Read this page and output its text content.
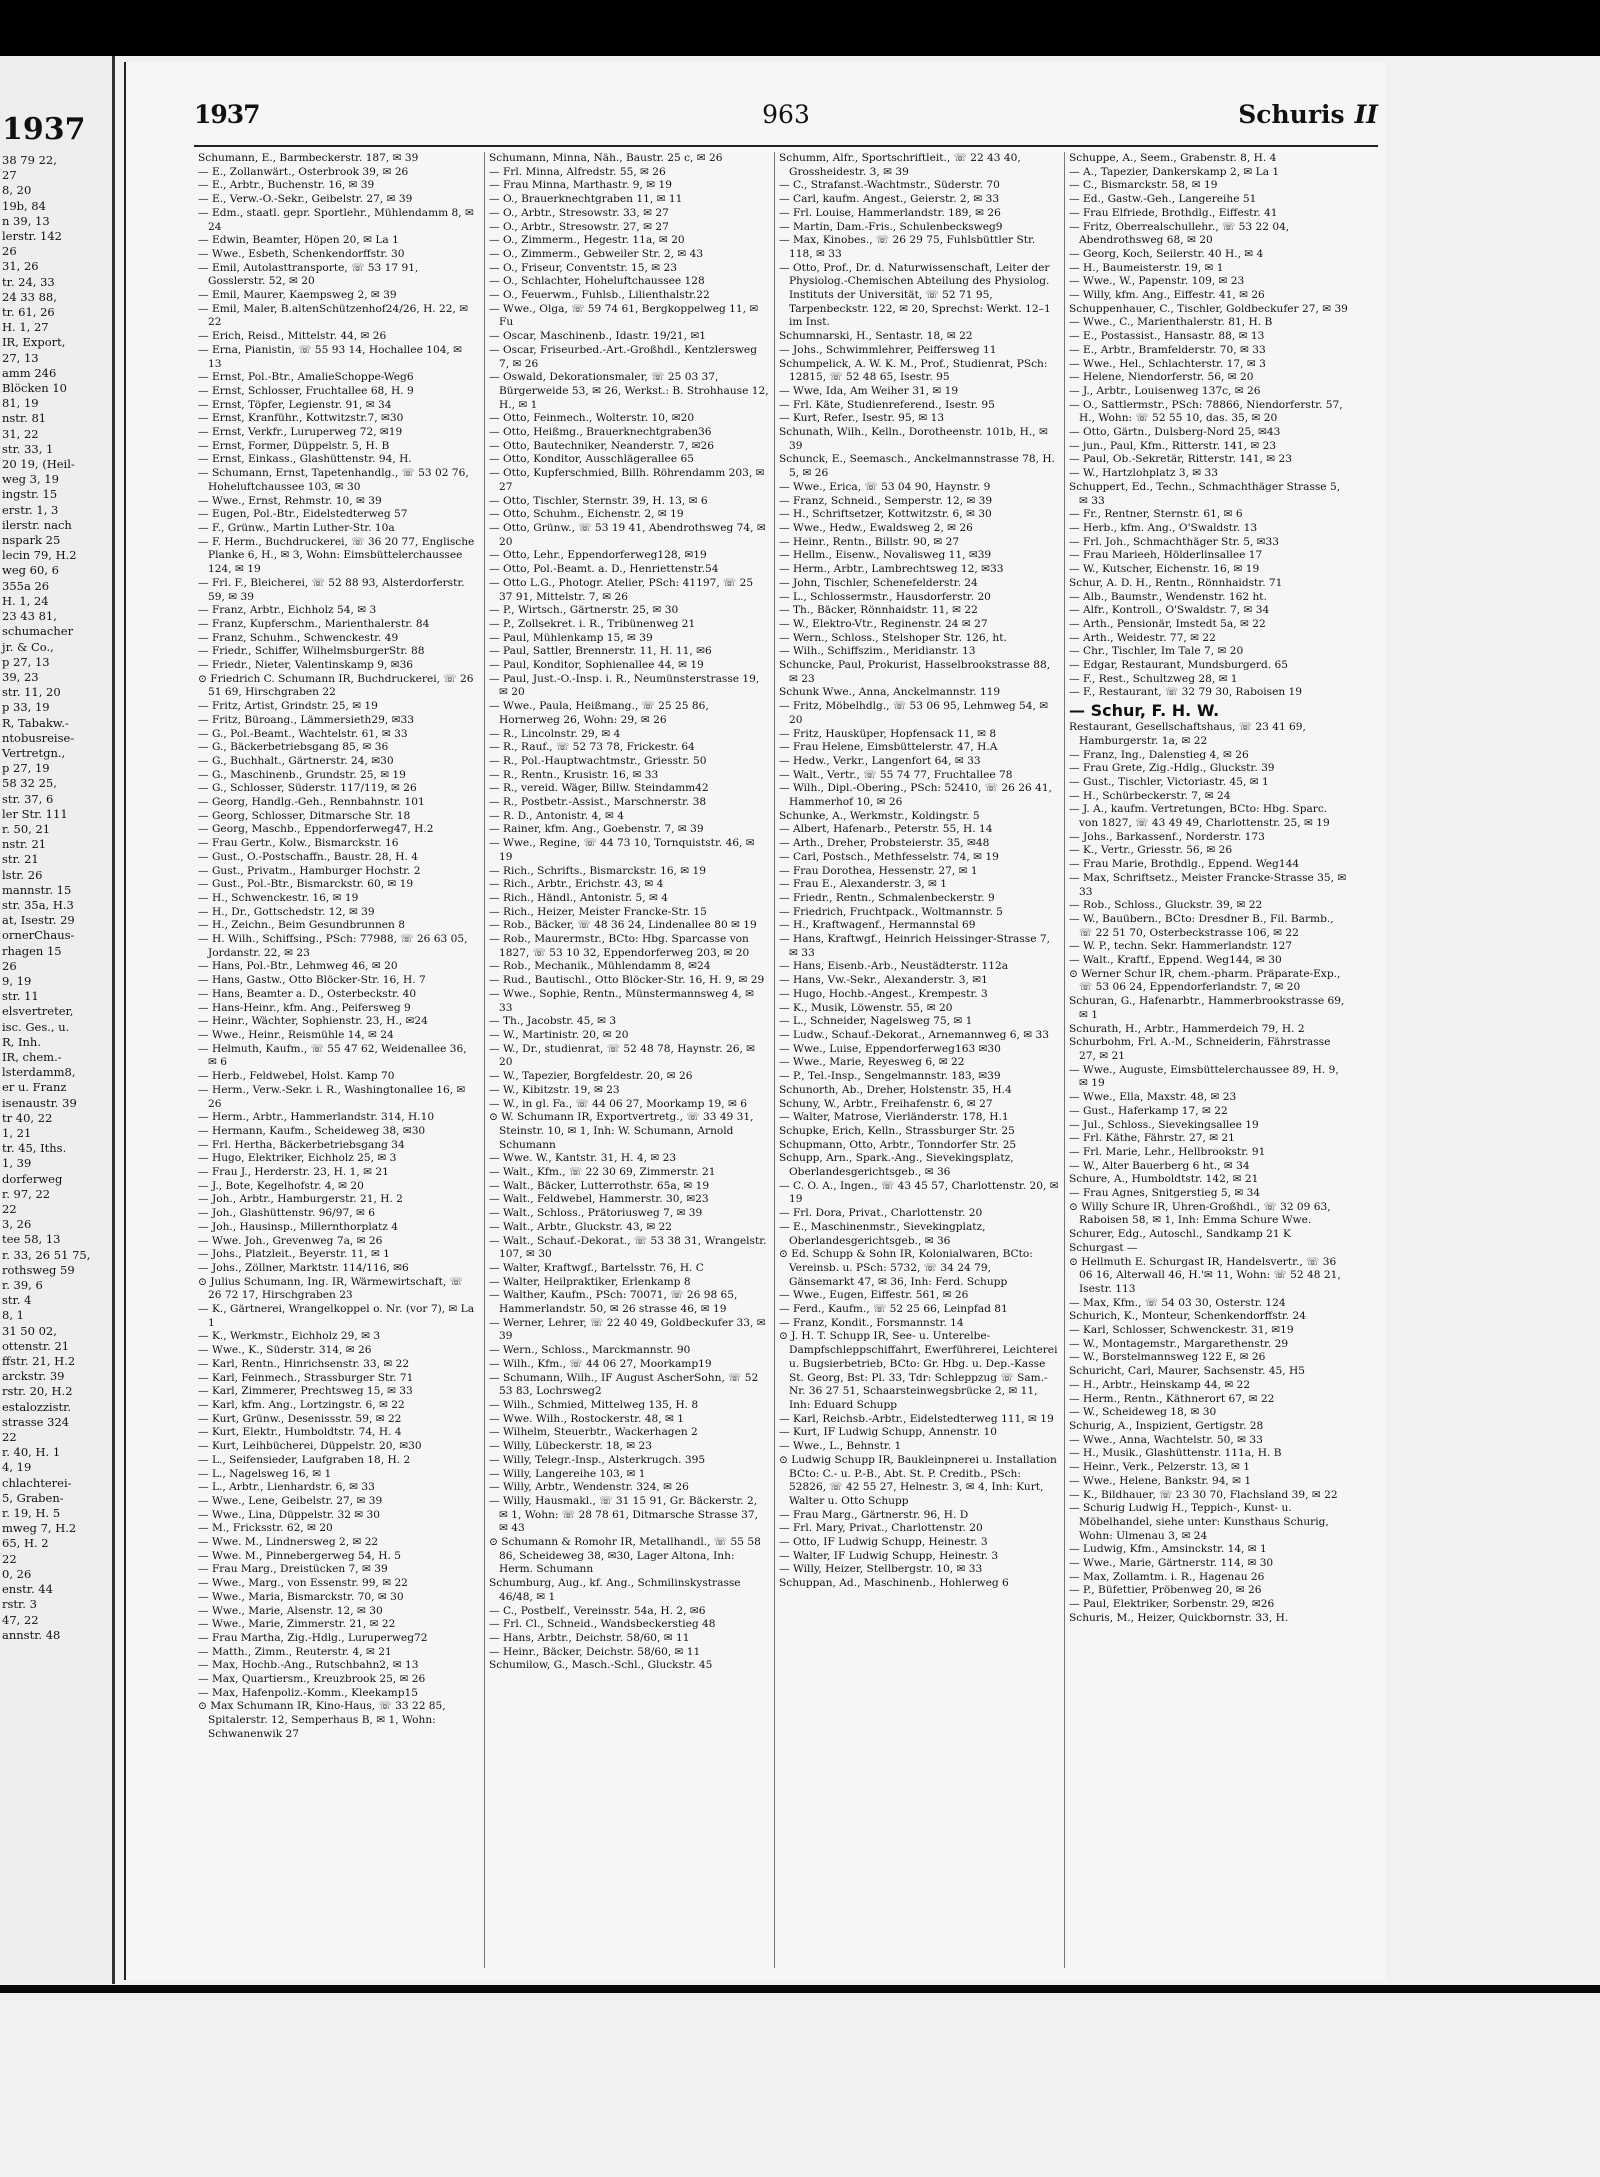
1937
38 79 22,
27
8, 20
19b, 84
n 39, 13
lerstr. 142
26
31, 26
tr. 24, 33
24 33 88,
tr. 61, 26
H. 1, 27
IR, Export,
27, 13
amm 246
Blöcken 10
81, 19
nstr. 81
31, 22
str. 33, 1
20 19, (Heil-
weg 3, 19
ingstr. 15
erstr. 1, 3
ilerstr. nach
nspark 25
lecin 79, H.2
weg 60, 6
355a 26
H. 1, 24
23 43 81,
schumacher
jr. & Co.,
p 27, 13
39, 23
str. 11, 20
p 33, 19
R, Tabakw.-
ntobusreise-
Vertretgn.,
p 27, 19
58 32 25,
str. 37, 6
ler Str. 111
r. 50, 21
nstr. 21
str. 21
lstr. 26
mannstr. 15
str. 35a, H.3
at, Isestr. 29
ornerChaus-
rhagen 15
26
9, 19
str. 11
elsvertreter,
isc. Ges., u.
R, Inh.
IR, chem.-
lsterdamm8,
er u. Franz
isenaustr. 39
tr 40, 22
1, 21
tr. 45, Iths.
1, 39
dorferweg
r. 97, 22
22
3, 26
tee 58, 13
r. 33, 26 51 75,
rothsweg 59
r. 39, 6
str. 4
8, 1
31 50 02,
ottenstr. 21
ffstr. 21, H.2
arckstr. 39
rstr. 20, H.2
estalozzistr.
strasse 324
22
r. 40, H. 1
4, 19
chlachterei-
5, Graben-
r. 19, H. 5
mweg 7, H.2
65, H. 2
22
0, 26
enstr. 44
rstr. 3
47, 22
annstr. 48
1937	963	Schuris II
Schumann, E., Barmbeckerstr. 187, ✉ 39
— E., Zollanwärt., Osterbrook 39, ✉ 26
— E., Arbtr., Buchenstr. 16, ✉ 39
— E., Verw.-O.-Sekr., Geibelstr. 27, ✉ 39
— Edm., staatl. gepr. Sportlehr., Mühlendamm 8, ✉ 24
— Edwin, Beamter, Höpen 20, ✉ La 1
— Wwe., Esbeth, Schenkendorffstr. 30
— Emil, Autolasttransporte, ☏ 53 17 91, Gosslerstr. 52, ✉ 20
— Emil, Maurer, Kaempsweg 2, ✉ 39
— Emil, Maler, B.altenSchützenhof24/26, H. 22, ✉ 22
— Erich, Reisd., Mittelstr. 44, ✉ 26
— Erna, Pianistin, ☏ 55 93 14, Hochallee 104, ✉ 13
— Ernst, Pol.-Btr., AmalieSchoppe-Weg6
— Ernst, Schlosser, Fruchtallee 68, H. 9
— Ernst, Töpfer, Legienstr. 91, ✉ 34
— Ernst, Kranführ., Kottwitzstr.7, ✉30
— Ernst, Verkfr., Luruperweg 72, ✉19
— Ernst, Former, Düppelstr. 5, H. B
— Ernst, Einkass., Glashüttenstr. 94, H.
— Schumann, Ernst, Tapetenhandlg., ☏ 53 02 76, Hoheluftchaussee 103, ✉ 30
— Wwe., Ernst, Rehmstr. 10, ✉ 39
— Eugen, Pol.-Btr., Eidelstedterweg 57
— F., Grünw., Martin Luther-Str. 10a
— F. Herm., Buchdruckerei, ☏ 36 20 77, Englische Planke 6, H., ✉ 3, Wohn: Eimsbüttelerchaussee 124, ✉ 19
— Frl. F., Bleicherei, ☏ 52 88 93, Alsterdorferstr. 59, ✉ 39
— Franz, Arbtr., Eichholz 54, ✉ 3
— Franz, Kupferschm., Marienthalerstr. 84
— Franz, Schuhm., Schwenckestr. 49
— Friedr., Schiffer, WilhelmsburgerStr. 88
— Friedr., Nieter, Valentinskamp 9, ✉36
⊙ Friedrich C. Schumann IR, Buchdruckerei, ☏ 26 51 69, Hirschgraben 22
— Fritz, Artist, Grindstr. 25, ✉ 19
— Fritz, Büroang., Lämmersieth29, ✉33
— G., Pol.-Beamt., Wachtelstr. 61, ✉ 33
— G., Bäckerbetriebsgang 85, ✉ 36
— G., Buchhalt., Gärtnerstr. 24, ✉30
— G., Maschinenb., Grundstr. 25, ✉ 19
— G., Schlosser, Süderstr. 117/119, ✉ 26
— Georg, Handlg.-Geh., Rennbahnstr. 101
— Georg, Schlosser, Ditmarsche Str. 18
— Georg, Maschb., Eppendorferweg47, H.2
— Frau Gertr., Kolw., Bismarckstr. 16
— Gust., O.-Postschaffn., Baustr. 28, H. 4
— Gust., Privatm., Hamburger Hochstr. 2
— Gust., Pol.-Btr., Bismarckstr. 60, ✉ 19
— H., Schwenckestr. 16, ✉ 19
— H., Dr., Gottschedstr. 12, ✉ 39
— H., Zeichn., Beim Gesundbrunnen 8
— H. Wilh., Schiffsing., PSch: 77988, ☏ 26 63 05, Jordanstr. 22, ✉ 23
— Hans, Pol.-Btr., Lehmweg 46, ✉ 20
— Hans, Gastw., Otto Blöcker-Str. 16, H. 7
— Hans, Beamter a. D., Osterbeckstr. 40
— Hans-Heinr., kfm. Ang., Peifersweg 9
— Heinr., Wächter, Sophienstr. 23, H., ✉24
— Wwe., Heinr., Reismühle 14, ✉ 24
— Helmuth, Kaufm., ☏ 55 47 62, Weidenallee 36, ✉ 6
— Herb., Feldwebel, Holst. Kamp 70
— Herm., Verw.-Sekr. i. R., Washingtonallee 16, ✉ 26
— Herm., Arbtr., Hammerlandstr. 314, H.10
— Hermann, Kaufm., Scheideweg 38, ✉30
— Frl. Hertha, Bäckerbetriebsgang 34
— Hugo, Elektriker, Eichholz 25, ✉ 3
— Frau J., Herderstr. 23, H. 1, ✉ 21
— J., Bote, Kegelhofstr. 4, ✉ 20
— Joh., Arbtr., Hamburgerstr. 21, H. 2
— Joh., Glashüttenstr. 96/97, ✉ 6
— Joh., Hausinsp., Millernthorplatz 4
— Wwe. Joh., Grevenweg 7a, ✉ 26
— Johs., Platzleit., Beyerstr. 11, ✉ 1
— Johs., Zöllner, Marktstr. 114/116, ✉6
⊙ Julius Schumann, Ing. IR, Wärmewirtschaft, ☏ 26 72 17, Hirschgraben 23
— K., Gärtnerei, Wrangelkoppel o. Nr. (vor 7), ✉ La 1
— K., Werkmstr., Eichholz 29, ✉ 3
— Wwe., K., Süderstr. 314, ✉ 26
— Karl, Rentn., Hinrichsenstr. 33, ✉ 22
— Karl, Feinmech., Strassburger Str. 71
— Karl, Zimmerer, Prechtsweg 15, ✉ 33
— Karl, kfm. Ang., Lortzingstr. 6, ✉ 22
— Kurt, Grünw., Desenissstr. 59, ✉ 22
— Kurt, Elektr., Humboldtstr. 74, H. 4
— Kurt, Leihbücherei, Düppelstr. 20, ✉30
— L., Seifensieder, Laufgraben 18, H. 2
— L., Nagelsweg 16, ✉ 1
— L., Arbtr., Lienhardstr. 6, ✉ 33
— Wwe., Lene, Geibelstr. 27, ✉ 39
— Wwe., Lina, Düppelstr. 32 ✉ 30
— M., Fricksstr. 62, ✉ 20
— Wwe. M., Lindnersweg 2, ✉ 22
— Wwe. M., Pinnebergerweg 54, H. 5
— Frau Marg., Dreistücken 7, ✉ 39
— Wwe., Marg., von Essenstr. 99, ✉ 22
— Wwe., Maria, Bismarckstr. 70, ✉ 30
— Wwe., Marie, Alsenstr. 12, ✉ 30
— Wwe., Marie, Zimmerstr. 21, ✉ 22
— Frau Martha, Zig.-Hdlg., Luruperweg72
— Matth., Zimm., Reuterstr. 4, ✉ 21
— Max, Hochb.-Ang., Rutschbahn2, ✉ 13
— Max, Quartiersm., Kreuzbrook 25, ✉ 26
— Max, Hafenpoliz.-Komm., Kleekamp15
⊙ Max Schumann IR, Kino-Haus, ☏ 33 22 85, Spitalerstr. 12, Semperhaus B, ✉ 1, Wohn: Schwanenwik 27
Schumann, Minna, Näh., Baustr. 25 c, ✉ 26
— Frl. Minna, Alfredstr. 55, ✉ 26
— Frau Minna, Marthastr. 9, ✉ 19
— O., Brauerknechtgraben 11, ✉ 11
— O., Arbtr., Stresowstr. 33, ✉ 27
— O., Arbtr., Stresowstr. 27, ✉ 27
— O., Zimmerm., Hegestr. 11a, ✉ 20
— O., Zimmerm., Gebweiler Str. 2, ✉ 43
— O., Friseur, Conventstr. 15, ✉ 23
— O., Schlachter, Hoheluftchaussee 128
— O., Feuerwm., Fuhlsb., Lilienthalstr.22
— Wwe., Olga, ☏ 59 74 61, Bergkoppelweg 11, ✉ Fu
— Oscar, Maschinenb., Idastr. 19/21, ✉1
— Oscar, Friseurbed.-Art.-Großhdl., Kentzlersweg 7, ✉ 26
— Oswald, Dekorationsmaler, ☏ 25 03 37, Bürgerweide 53, ✉ 26, Werkst.: B. Strohhause 12, H., ✉ 1
— Otto, Feinmech., Wolterstr. 10, ✉20
— Otto, Heißmg., Brauerknechtgraben36
— Otto, Bautechniker, Neanderstr. 7, ✉26
— Otto, Konditor, Ausschlägerallee 65
— Otto, Kupferschmied, Billh. Röhrendamm 203, ✉ 27
— Otto, Tischler, Sternstr. 39, H. 13, ✉ 6
— Otto, Schuhm., Eichenstr. 2, ✉ 19
— Otto, Grünw., ☏ 53 19 41, Abendrothsweg 74, ✉ 20
— Otto, Lehr., Eppendorferweg128, ✉19
— Otto, Pol.-Beamt. a. D., Henriettenstr.54
— Otto L.G., Photogr. Atelier, PSch: 41197, ☏ 25 37 91, Mittelstr. 7, ✉ 26
— P., Wirtsch., Gärtnerstr. 25, ✉ 30
— P., Zollsekret. i. R., Tribünenweg 21
— Paul, Mühlenkamp 15, ✉ 39
— Paul, Sattler, Brennerstr. 11, H. 11, ✉6
— Paul, Konditor, Sophienallee 44, ✉ 19
— Paul, Just.-O.-Insp. i. R., Neumünsterstrasse 19, ✉ 20
— Wwe., Paula, Heißmang., ☏ 25 25 86, Hornerweg 26, Wohn: 29, ✉ 26
— R., Lincolnstr. 29, ✉ 4
— R., Rauf., ☏ 52 73 78, Frickestr. 64
— R., Pol.-Hauptwachtmstr., Griesstr. 50
— R., Rentn., Krusistr. 16, ✉ 33
— R., vereid. Wäger, Billw. Steindamm42
— R., Postbetr.-Assist., Marschnerstr. 38
— R. D., Antonistr. 4, ✉ 4
— Rainer, kfm. Ang., Goebenstr. 7, ✉ 39
— Wwe., Regine, ☏ 44 73 10, Tornquiststr. 46, ✉ 19
— Rich., Schrifts., Bismarckstr. 16, ✉ 19
— Rich., Arbtr., Erichstr. 43, ✉ 4
— Rich., Händl., Antonistr. 5, ✉ 4
— Rich., Heizer, Meister Francke-Str. 15
— Rob., Bäcker, ☏ 48 36 24, Lindenallee 80 ✉ 19
— Rob., Maurermstr., BCto: Hbg. Sparcasse von 1827, ☏ 53 10 32, Eppendorferweg 203, ✉ 20
— Rob., Mechanik., Mühlendamm 8, ✉24
— Rud., Bautischl., Otto Blöcker-Str. 16, H. 9, ✉ 29
— Wwe., Sophie, Rentn., Münstermannsweg 4, ✉ 33
— Th., Jacobstr. 45, ✉ 3
— W., Martinistr. 20, ✉ 20
— W., Dr., studienrat, ☏ 52 48 78, Haynstr. 26, ✉ 20
— W., Tapezier, Borgfeldestr. 20, ✉ 26
— W., Kibitzstr. 19, ✉ 23
— W., in gl. Fa., ☏ 44 06 27, Moorkamp 19, ✉ 6
⊙ W. Schumann IR, Exportvertretg., ☏ 33 49 31, Steinstr. 10, ✉ 1, Inh: W. Schumann, Arnold Schumann
— Wwe. W., Kantstr. 31, H. 4, ✉ 23
— Walt., Kfm., ☏ 22 30 69, Zimmerstr. 21
— Walt., Bäcker, Lutterrothstr. 65a, ✉ 19
— Walt., Feldwebel, Hammerstr. 30, ✉23
— Walt., Schloss., Prätoriusweg 7, ✉ 39
— Walt., Arbtr., Gluckstr. 43, ✉ 22
— Walt., Schauf.-Dekorat., ☏ 53 38 31, Wrangelstr. 107, ✉ 30
— Walter, Kraftwgf., Bartelsstr. 76, H. C
— Walter, Heilpraktiker, Erlenkamp 8
— Walther, Kaufm., PSch: 70071, ☏ 26 98 65, Hammerlandstr. 50, ✉ 26 strasse 46, ✉ 19
— Werner, Lehrer, ☏ 22 40 49, Goldbeckufer 33, ✉ 39
— Wern., Schloss., Marckmannstr. 90
— Wilh., Kfm., ☏ 44 06 27, Moorkamp19
— Schumann, Wilh., IF August AscherSohn, ☏ 52 53 83, Lochrsweg2
— Wilh., Schmied, Mittelweg 135, H. 8
— Wwe. Wilh., Rostockerstr. 48, ✉ 1
— Wilhelm, Steuerbtr., Wackerhagen 2
— Willy, Lübeckerstr. 18, ✉ 23
— Willy, Telegr.-Insp., Alsterkrugch. 395
— Willy, Langereihe 103, ✉ 1
— Willy, Arbtr., Wendenstr. 324, ✉ 26
— Willy, Hausmakl., ☏ 31 15 91, Gr. Bäckerstr. 2, ✉ 1, Wohn: ☏ 28 78 61, Ditmarsche Strasse 37, ✉ 43
⊙ Schumann & Romohr IR, Metallhandl., ☏ 55 58 86, Scheideweg 38, ✉30, Lager Altona, Inh: Herm. Schumann
Schumburg, Aug., kf. Ang., Schmilinskystrasse 46/48, ✉ 1
— C., Postbelf., Vereinsstr. 54a, H. 2, ✉6
— Frl. Cl., Schneid., Wandsbeckerstieg 48
— Hans, Arbtr., Deichstr. 58/60, ✉ 11
— Heinr., Bäcker, Deichstr. 58/60, ✉ 11
Schumilow, G., Masch.-Schl., Gluckstr. 45
Schumm, Alfr., Sportschriftleit., ☏ 22 43 40, Grossheidestr. 3, ✉ 39
— C., Strafanst.-Wachtmstr., Süderstr. 70
— Carl, kaufm. Angest., Geierstr. 2, ✉ 33
— Frl. Louise, Hammerlandstr. 189, ✉ 26
— Martin, Dam.-Fris., Schulenbecksweg9
— Max, Kinobes., ☏ 26 29 75, Fuhlsbüttler Str. 118, ✉ 33
— Otto, Prof., Dr. d. Naturwissenschaft, Leiter der Physiolog.-Chemischen Abteilung des Physiolog. Instituts der Universität, ☏ 52 71 95, Tarpenbeckstr. 122, ✉ 20, Sprechst: Werkt. 12–1 im Inst.
Schumnarski, H., Sentastr. 18, ✉ 22
— Johs., Schwimmlehrer, Peiffersweg 11
Schumpelick, A. W. K. M., Prof., Studienrat, PSch: 12815, ☏ 52 48 65, Isestr. 95
— Wwe, Ida, Am Weiher 31, ✉ 19
— Frl. Käte, Studienreferend., Isestr. 95
— Kurt, Refer., Isestr. 95, ✉ 13
Schunath, Wilh., Kelln., Dorotheenstr. 101b, H., ✉ 39
Schunck, E., Seemasch., Anckelmannstrasse 78, H. 5, ✉ 26
— Wwe., Erica, ☏ 53 04 90, Haynstr. 9
— Franz, Schneid., Semperstr. 12, ✉ 39
— H., Schriftsetzer, Kottwitzstr. 6, ✉ 30
— Wwe., Hedw., Ewaldsweg 2, ✉ 26
— Heinr., Rentn., Billstr. 90, ✉ 27
— Hellm., Eisenw., Novalisweg 11, ✉39
— Herm., Arbtr., Lambrechtsweg 12, ✉33
— John, Tischler, Schenefelderstr. 24
— L., Schlossermstr., Hausdorferstr. 20
— Th., Bäcker, Rönnhaidstr. 11, ✉ 22
— W., Elektro-Vtr., Reginenstr. 24 ✉ 27
— Wern., Schloss., Stelshoper Str. 126, ht.
— Wilh., Schiffszim., Meridianstr. 13
Schuncke, Paul, Prokurist, Hasselbrookstrasse 88, ✉ 23
Schunk Wwe., Anna, Anckelmannstr. 119
— Fritz, Möbelhdlg., ☏ 53 06 95, Lehmweg 54, ✉ 20
— Fritz, Hausküper, Hopfensack 11, ✉ 8
— Frau Helene, Eimsbüttelerstr. 47, H.A
— Hedw., Verkr., Langenfort 64, ✉ 33
— Walt., Vertr., ☏ 55 74 77, Fruchtallee 78
— Wilh., Dipl.-Obering., PSch: 52410, ☏ 26 26 41, Hammerhof 10, ✉ 26
Schunke, A., Werkmstr., Koldingstr. 5
— Albert, Hafenarb., Peterstr. 55, H. 14
— Arth., Dreher, Probsteierstr. 35, ✉48
— Carl, Postsch., Methfesselstr. 74, ✉ 19
— Frau Dorothea, Hessenstr. 27, ✉ 1
— Frau E., Alexanderstr. 3, ✉ 1
— Friedr., Rentn., Schmalenbeckerstr. 9
— Friedrich, Fruchtpack., Woltmannstr. 5
— H., Kraftwagenf., Hermannstal 69
— Hans, Kraftwgf., Heinrich Heissinger-Strasse 7, ✉ 33
— Hans, Eisenb.-Arb., Neustädterstr. 112a
— Hans, Vw.-Sekr., Alexanderstr. 3, ✉1
— Hugo, Hochb.-Angest., Krempestr. 3
— K., Musik, Löwenstr. 55, ✉ 20
— L., Schneider, Nagelsweg 75, ✉ 1
— Ludw., Schauf.-Dekorat., Arnemannweg 6, ✉ 33
— Wwe., Luise, Eppendorferweg163 ✉30
— Wwe., Marie, Reyesweg 6, ✉ 22
— P., Tel.-Insp., Sengelmannstr. 183, ✉39
Schunorth, Ab., Dreher, Holstenstr. 35, H.4
Schuny, W., Arbtr., Freihafenstr. 6, ✉ 27
— Walter, Matrose, Vierländerstr. 178, H.1
Schupke, Erich, Kelln., Strassburger Str. 25
Schupmann, Otto, Arbtr., Tonndorfer Str. 25
Schupp, Arn., Spark.-Ang., Sievekingsplatz, Oberlandesgerichtsgeb., ✉ 36
— C. O. A., Ingen., ☏ 43 45 57, Charlottenstr. 20, ✉ 19
— Frl. Dora, Privat., Charlottenstr. 20
— E., Maschinenmstr., Sievekingplatz, Oberlandesgerichtsgeb., ✉ 36
⊙ Ed. Schupp & Sohn IR, Kolonialwaren, BCto: Vereinsb. u. PSch: 5732, ☏ 34 24 79, Gänsemarkt 47, ✉ 36, Inh: Ferd. Schupp
— Wwe., Eugen, Eiffestr. 561, ✉ 26
— Ferd., Kaufm., ☏ 52 25 66, Leinpfad 81
— Franz, Kondit., Forsmannstr. 14
⊙ J. H. T. Schupp IR, See- u. Unterelbe-Dampfschleppschiffahrt, Ewerführerei, Leichterei u. Bugsierbetrieb, BCto: Gr. Hbg. u. Dep.-Kasse St. Georg, Bst: Pl. 33, Tdr: Schleppzug ☏ Sam.-Nr. 36 27 51, Schaarsteinwegsbrücke 2, ✉ 11, Inh: Eduard Schupp
— Karl, Reichsb.-Arbtr., Eidelstedterweg 111, ✉ 19
— Kurt, IF Ludwig Schupp, Annenstr. 10
— Wwe., L., Behnstr. 1
⊙ Ludwig Schupp IR, Baukleinpnerei u. Installation BCto: C.- u. P.-B., Abt. St. P. Creditb., PSch: 52826, ☏ 42 55 27, Helnestr. 3, ✉ 4, Inh: Kurt, Walter u. Otto Schupp
— Frau Marg., Gärtnerstr. 96, H. D
— Frl. Mary, Privat., Charlottenstr. 20
— Otto, IF Ludwig Schupp, Heinestr. 3
— Walter, IF Ludwig Schupp, Heinestr. 3
— Willy, Heizer, Stellbergstr. 10, ✉ 33
Schuppan, Ad., Maschinenb., Hohlerweg 6
Schuppe, A., Seem., Grabenstr. 8, H. 4
— A., Tapezier, Dankerskamp 2, ✉ La 1
— C., Bismarckstr. 58, ✉ 19
— Ed., Gastw.-Geh., Langereihe 51
— Frau Elfriede, Brothdlg., Eiffestr. 41
— Fritz, Oberrealschullehr., ☏ 53 22 04, Abendrothsweg 68, ✉ 20
— Georg, Koch, Seilerstr. 40 H., ✉ 4
— H., Baumeisterstr. 19, ✉ 1
— Wwe., W., Papenstr. 109, ✉ 23
— Willy, kfm. Ang., Eiffestr. 41, ✉ 26
Schuppenhauer, C., Tischler, Goldbeckufer 27, ✉ 39
— Wwe., C., Marienthalerstr. 81, H. B
— E., Postassist., Hansastr. 88, ✉ 13
— E., Arbtr., Bramfelderstr. 70, ✉ 33
— Wwe., Hel., Schlachterstr. 17, ✉ 3
— Helene, Niendorferstr. 56, ✉ 20
— J., Arbtr., Louisenweg 137c, ✉ 26
— O., Sattlermstr., PSch: 78866, Niendorferstr. 57, H., Wohn: ☏ 52 55 10, das. 35, ✉ 20
— Otto, Gärtn., Dulsberg-Nord 25, ✉43
— jun., Paul, Kfm., Ritterstr. 141, ✉ 23
— Paul, Ob.-Sekretär, Ritterstr. 141, ✉ 23
— W., Hartzlohplatz 3, ✉ 33
Schuppert, Ed., Techn., Schmachthäger Strasse 5, ✉ 33
— Fr., Rentner, Sternstr. 61, ✉ 6
— Herb., kfm. Ang., O'Swaldstr. 13
— Frl. Joh., Schmachthäger Str. 5, ✉33
— Frau Marieeh, Hölderlinsallee 17
— W., Kutscher, Eichenstr. 16, ✉ 19
Schur, A. D. H., Rentn., Rönnhaidstr. 71
— Alb., Baumstr., Wendenstr. 162 ht.
— Alfr., Kontroll., O'Swaldstr. 7, ✉ 34
— Arth., Pensionär, Imstedt 5a, ✉ 22
— Arth., Weidestr. 77, ✉ 22
— Chr., Tischler, Im Tale 7, ✉ 20
— Edgar, Restaurant, Mundsburgerd. 65
— F., Rest., Schultzweg 28, ✉ 1
— F., Restaurant, ☏ 32 79 30, Raboisen 19
— Schur, F. H. W.
Restaurant, Gesellschaftshaus, ☏ 23 41 69, Hamburgerstr. 1a, ✉ 22
— Franz, Ing., Dalenstieg 4, ✉ 26
— Frau Grete, Zig.-Hdlg., Gluckstr. 39
— Gust., Tischler, Victoriastr. 45, ✉ 1
— H., Schürbeckerstr. 7, ✉ 24
— J. A., kaufm. Vertretungen, BCto: Hbg. Sparc. von 1827, ☏ 43 49 49, Charlottenstr. 25, ✉ 19
— Johs., Barkassenf., Norderstr. 173
— K., Vertr., Griesstr. 56, ✉ 26
— Frau Marie, Brothdlg., Eppend. Weg144
— Max, Schriftsetz., Meister Francke-Strasse 35, ✉ 33
— Rob., Schloss., Gluckstr. 39, ✉ 22
— W., Bauübern., BCto: Dresdner B., Fil. Barmb., ☏ 22 51 70, Osterbeckstrasse 106, ✉ 22
— W. P., techn. Sekr. Hammerlandstr. 127
— Walt., Kraftf., Eppend. Weg144, ✉ 30
⊙ Werner Schur IR, chem.-pharm. Präparate-Exp., ☏ 53 06 24, Eppendorferlandstr. 7, ✉ 20
Schuran, G., Hafenarbtr., Hammerbrookstrasse 69, ✉ 1
Schurath, H., Arbtr., Hammerdeich 79, H. 2
Schurbohm, Frl. A.-M., Schneiderin, Fährstrasse 27, ✉ 21
— Wwe., Auguste, Eimsbüttelerchaussee 89, H. 9, ✉ 19
— Wwe., Ella, Maxstr. 48, ✉ 23
— Gust., Haferkamp 17, ✉ 22
— Jul., Schloss., Sievekingsallee 19
— Frl. Käthe, Fährstr. 27, ✉ 21
— Frl. Marie, Lehr., Hellbrookstr. 91
— W., Alter Bauerberg 6 ht., ✉ 34
Schure, A., Humboldtstr. 142, ✉ 21
— Frau Agnes, Snitgerstieg 5, ✉ 34
⊙ Willy Schure IR, Uhren-Großhdl., ☏ 32 09 63, Raboisen 58, ✉ 1, Inh: Emma Schure Wwe.
Schurer, Edg., Autoschl., Sandkamp 21 K
Schurgast —
⊙ Hellmuth E. Schurgast IR, Handelsvertr., ☏ 36 06 16, Alterwall 46, H.'✉ 11, Wohn: ☏ 52 48 21, Isestr. 113
— Max, Kfm., ☏ 54 03 30, Osterstr. 124
Schurich, K., Monteur, Schenkendorffstr. 24
— Karl, Schlosser, Schwenckestr. 31, ✉19
— W., Montagemstr., Margarethenstr. 29
— W., Borstelmannsweg 122 E, ✉ 26
Schuricht, Carl, Maurer, Sachsenstr. 45, H5
— H., Arbtr., Heinskamp 44, ✉ 22
— Herm., Rentn., Käthnerort 67, ✉ 22
— W., Scheideweg 18, ✉ 30
Schurig, A., Inspizient, Gertigstr. 28
— Wwe., Anna, Wachtelstr. 50, ✉ 33
— H., Musik., Glashüttenstr. 111a, H. B
— Heinr., Verk., Pelzerstr. 13, ✉ 1
— Wwe., Helene, Bankstr. 94, ✉ 1
— K., Bildhauer, ☏ 23 30 70, Flachsland 39, ✉ 22
— Schurig Ludwig H., Teppich-, Kunst- u. Möbelhandel, siehe unter: Kunsthaus Schurig, Wohn: Ulmenau 3, ✉ 24
— Ludwig, Kfm., Amsinckstr. 14, ✉ 1
— Wwe., Marie, Gärtnerstr. 114, ✉ 30
— Max, Zollamtm. i. R., Hagenau 26
— P., Büfettier, Pröbenweg 20, ✉ 26
— Paul, Elektriker, Sorbenstr. 29, ✉26
Schuris, M., Heizer, Quickbornstr. 33, H.
